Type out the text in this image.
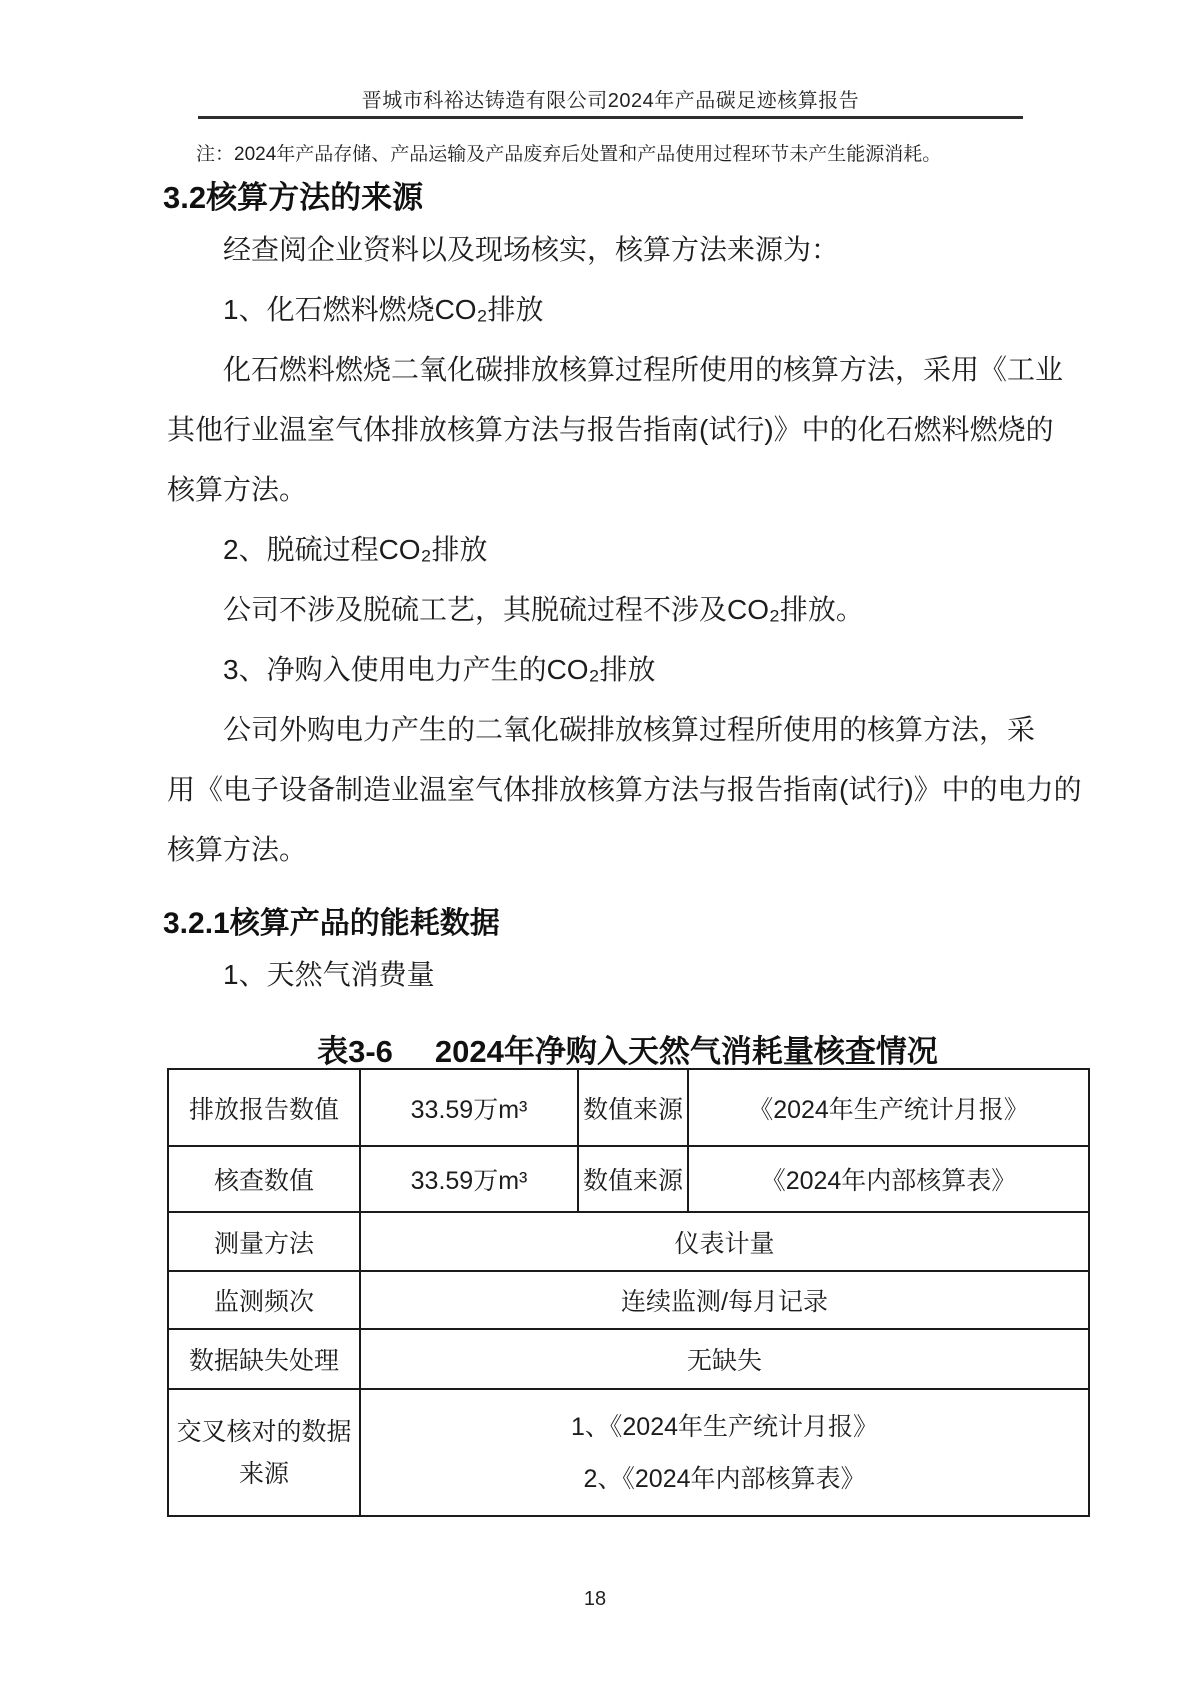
晋城市科裕达铸造有限公司2024年产品碳足迹核算报告
注：2024年产品存储、产品运输及产品废弃后处置和产品使用过程环节未产生能源消耗。
3.2核算方法的来源
经查阅企业资料以及现场核实，核算方法来源为：
1、化石燃料燃烧CO₂排放
化石燃料燃烧二氧化碳排放核算过程所使用的核算方法，采用《工业
其他行业温室气体排放核算方法与报告指南(试行)》中的化石燃料燃烧的
核算方法。
2、脱硫过程CO₂排放
公司不涉及脱硫工艺，其脱硫过程不涉及CO₂排放。
3、净购入使用电力产生的CO₂排放
公司外购电力产生的二氧化碳排放核算过程所使用的核算方法，采
用《电子设备制造业温室气体排放核算方法与报告指南(试行)》中的电力的
核算方法。
3.2.1核算产品的能耗数据
1、天然气消费量
表3-6 2024年净购入天然气消耗量核查情况
排放报告数值	33.59万m³	数值来源	《2024年生产统计月报》
核查数值	33.59万m³	数值来源	《2024年内部核算表》
测量方法	仪表计量		
监测频次	连续监测/每月记录		
数据缺失处理	无缺失		
交叉核对的数据来源	1、《2024年生产统计月报》
2、《2024年内部核算表》		
18
